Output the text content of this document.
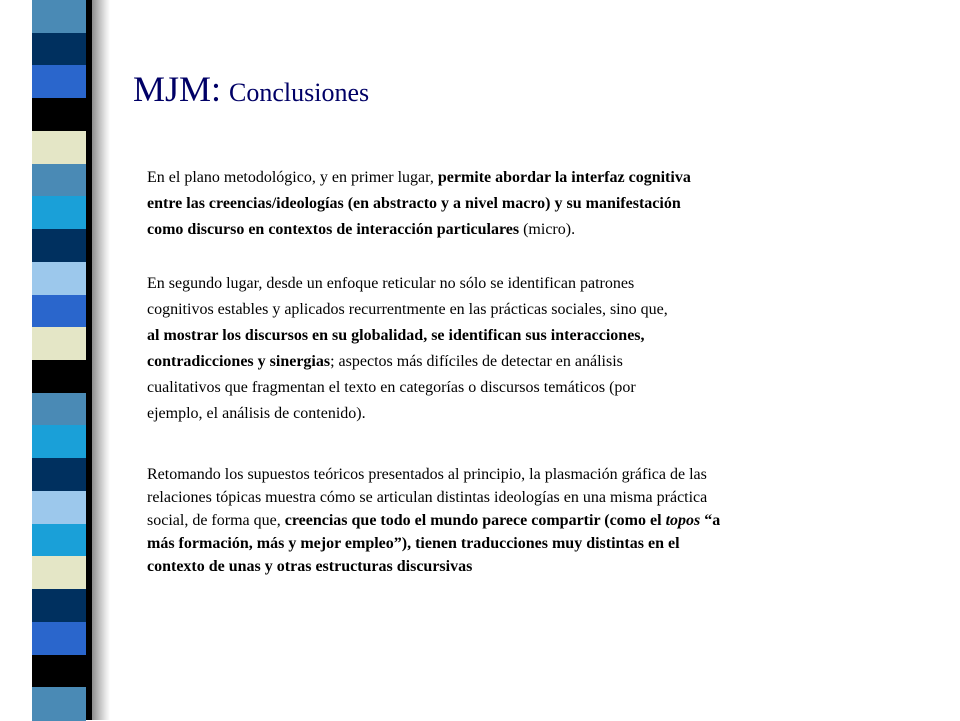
MJM: Conclusiones
En el plano metodológico, y en primer lugar, permite abordar la interfaz cognitiva
entre las creencias/ideologías (en abstracto y a nivel macro) y su manifestación
como discurso en contextos de interacción particulares (micro).
En segundo lugar, desde un enfoque reticular no sólo se identifican patrones
cognitivos estables y aplicados recurrentmente en las prácticas sociales, sino que,
al mostrar los discursos en su globalidad, se identifican sus interacciones,
contradicciones y sinergias; aspectos más difíciles de detectar en análisis
cualitativos que fragmentan el texto en categorías o discursos temáticos (por
ejemplo, el análisis de contenido).
Retomando los supuestos teóricos presentados al principio, la plasmación gráfica de las
relaciones tópicas muestra cómo se articulan distintas ideologías en una misma práctica
social, de forma que, creencias que todo el mundo parece compartir (como el topos “a
más formación, más y mejor empleo”), tienen traducciones muy distintas en el
contexto de unas y otras estructuras discursivas
